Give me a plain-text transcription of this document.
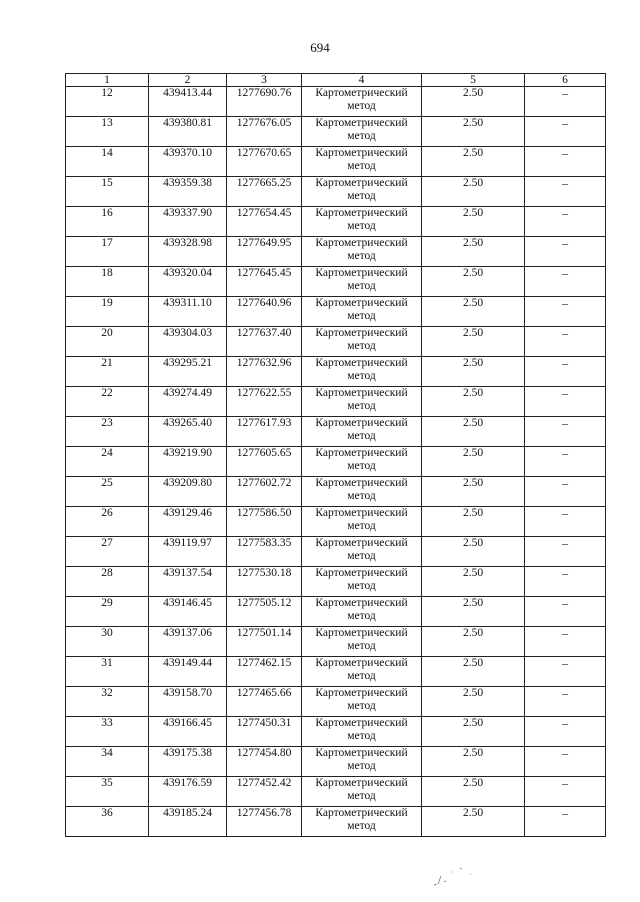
694
1	2	3	4	5	6
12	439413.44	1277690.76	Картометрический метод	2.50	–
13	439380.81	1277676.05	Картометрический метод	2.50	–
14	439370.10	1277670.65	Картометрический метод	2.50	–
15	439359.38	1277665.25	Картометрический метод	2.50	–
16	439337.90	1277654.45	Картометрический метод	2.50	–
17	439328.98	1277649.95	Картометрический метод	2.50	–
18	439320.04	1277645.45	Картометрический метод	2.50	–
19	439311.10	1277640.96	Картометрический метод	2.50	–
20	439304.03	1277637.40	Картометрический метод	2.50	–
21	439295.21	1277632.96	Картометрический метод	2.50	–
22	439274.49	1277622.55	Картометрический метод	2.50	–
23	439265.40	1277617.93	Картометрический метод	2.50	–
24	439219.90	1277605.65	Картометрический метод	2.50	–
25	439209.80	1277602.72	Картометрический метод	2.50	–
26	439129.46	1277586.50	Картометрический метод	2.50	–
27	439119.97	1277583.35	Картометрический метод	2.50	–
28	439137.54	1277530.18	Картометрический метод	2.50	–
29	439146.45	1277505.12	Картометрический метод	2.50	–
30	439137.06	1277501.14	Картометрический метод	2.50	–
31	439149.44	1277462.15	Картометрический метод	2.50	–
32	439158.70	1277465.66	Картометрический метод	2.50	–
33	439166.45	1277450.31	Картометрический метод	2.50	–
34	439175.38	1277454.80	Картометрический метод	2.50	–
35	439176.59	1277452.42	Картометрический метод	2.50	–
36	439185.24	1277456.78	Картометрический метод	2.50	–
